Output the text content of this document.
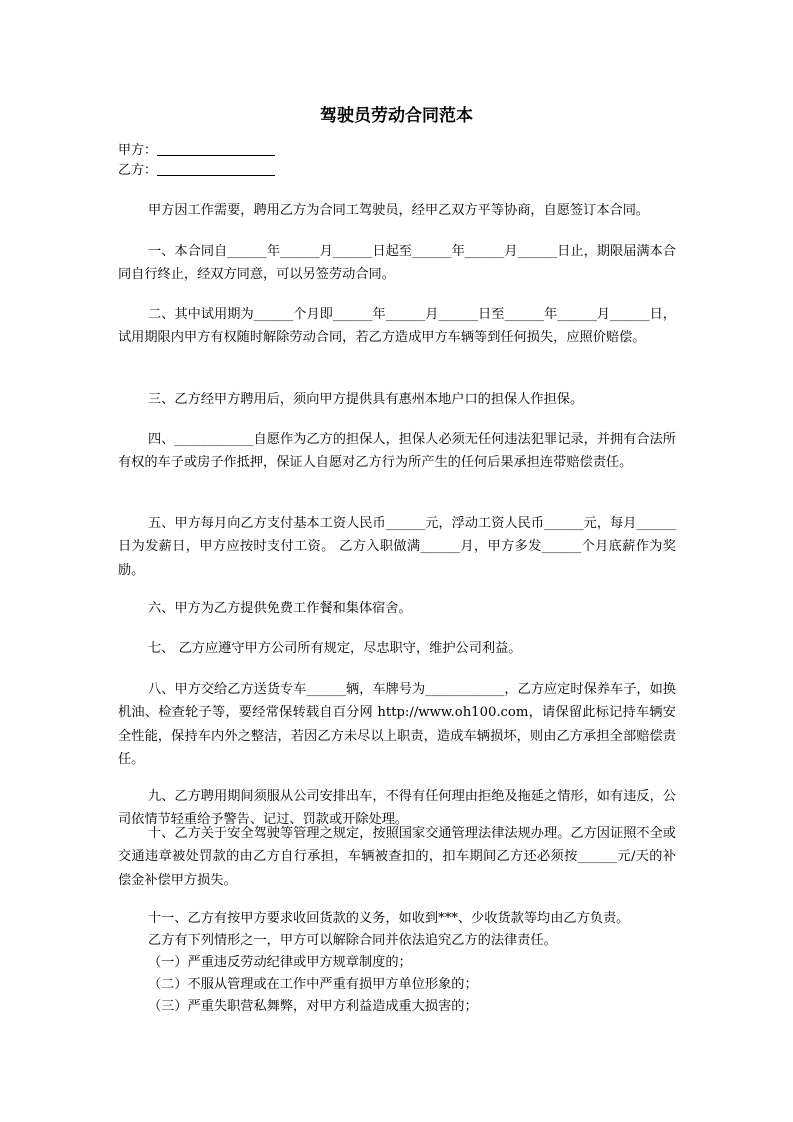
驾驶员劳动合同范本
甲方：
乙方：
甲方因工作需要，聘用乙方为合同工驾驶员，经甲乙双方平等协商，自愿签订本合同。
一、本合同自______年______月______日起至______年______月______日止，期限届满本合同自行终止，经双方同意，可以另签劳动合同。
二、其中试用期为______个月即______年______月______日至______年______月______日，试用期限内甲方有权随时解除劳动合同，若乙方造成甲方车辆等到任何损失，应照价赔偿。
三、乙方经甲方聘用后，须向甲方提供具有惠州本地户口的担保人作担保。
四、____________自愿作为乙方的担保人，担保人必须无任何违法犯罪记录，并拥有合法所有权的车子或房子作抵押，保证人自愿对乙方行为所产生的任何后果承担连带赔偿责任。
五、甲方每月向乙方支付基本工资人民币______元，浮动工资人民币______元，每月______日为发薪日，甲方应按时支付工资。 乙方入职做满______月，甲方多发______个月底薪作为奖励。
六、甲方为乙方提供免费工作餐和集体宿舍。
七、 乙方应遵守甲方公司所有规定，尽忠职守，维护公司利益。
八、甲方交给乙方送货专车______辆，车牌号为____________，乙方应定时保养车子，如换机油、检查轮子等，要经常保转载自百分网 http://www.oh100.com，请保留此标记持车辆安全性能，保持车内外之整洁，若因乙方未尽以上职责，造成车辆损坏，则由乙方承担全部赔偿责任。
九、乙方聘用期间须服从公司安排出车，不得有任何理由拒绝及拖延之情形，如有违反，公司依情节轻重给予警告、记过、罚款或开除处理。
十、乙方关于安全驾驶等管理之规定，按照国家交通管理法律法规办理。乙方因证照不全或交通违章被处罚款的由乙方自行承担，车辆被查扣的，扣车期间乙方还必须按______元/天的补偿金补偿甲方损失。
十一、乙方有按甲方要求收回货款的义务，如收到***、少收货款等均由乙方负责。
乙方有下列情形之一，甲方可以解除合同并依法追究乙方的法律责任。
（一）严重违反劳动纪律或甲方规章制度的；
（二）不服从管理或在工作中严重有损甲方单位形象的；
（三）严重失职营私舞弊，对甲方利益造成重大损害的；
